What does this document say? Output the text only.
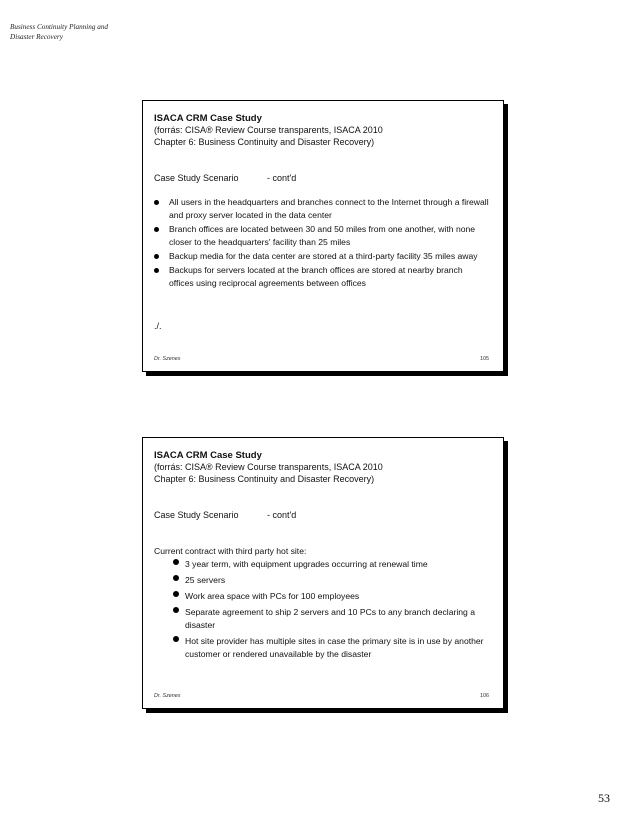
Business Continuity Planning and
Disaster Recovery
ISACA CRM Case Study
(forrás: CISA® Review Course transparents, ISACA 2010
Chapter 6: Business Continuity and Disaster Recovery)
Case Study Scenario	- cont'd
All users in the headquarters and branches connect to the Internet through a firewall and proxy server located in the data center
Branch offices are located between 30 and 50 miles from one another, with none closer to the headquarters' facility than 25 miles
Backup media for the data center are stored at a third-party facility 35 miles away
Backups for servers located at the branch offices are stored at nearby branch offices using reciprocal agreements between offices
./.
Dr. Szenes	105
ISACA CRM Case Study
(forrás: CISA® Review Course transparents, ISACA 2010
Chapter 6: Business Continuity and Disaster Recovery)
Case Study Scenario	- cont'd
Current contract with third party hot site:
3 year term, with equipment upgrades occurring at renewal time
25 servers
Work area space with PCs for 100 employees
Separate agreement to ship 2 servers and 10 PCs to any branch declaring a disaster
Hot site provider has multiple sites in case the primary site is in use by another customer or rendered unavailable by the disaster
Dr. Szenes	106
53
